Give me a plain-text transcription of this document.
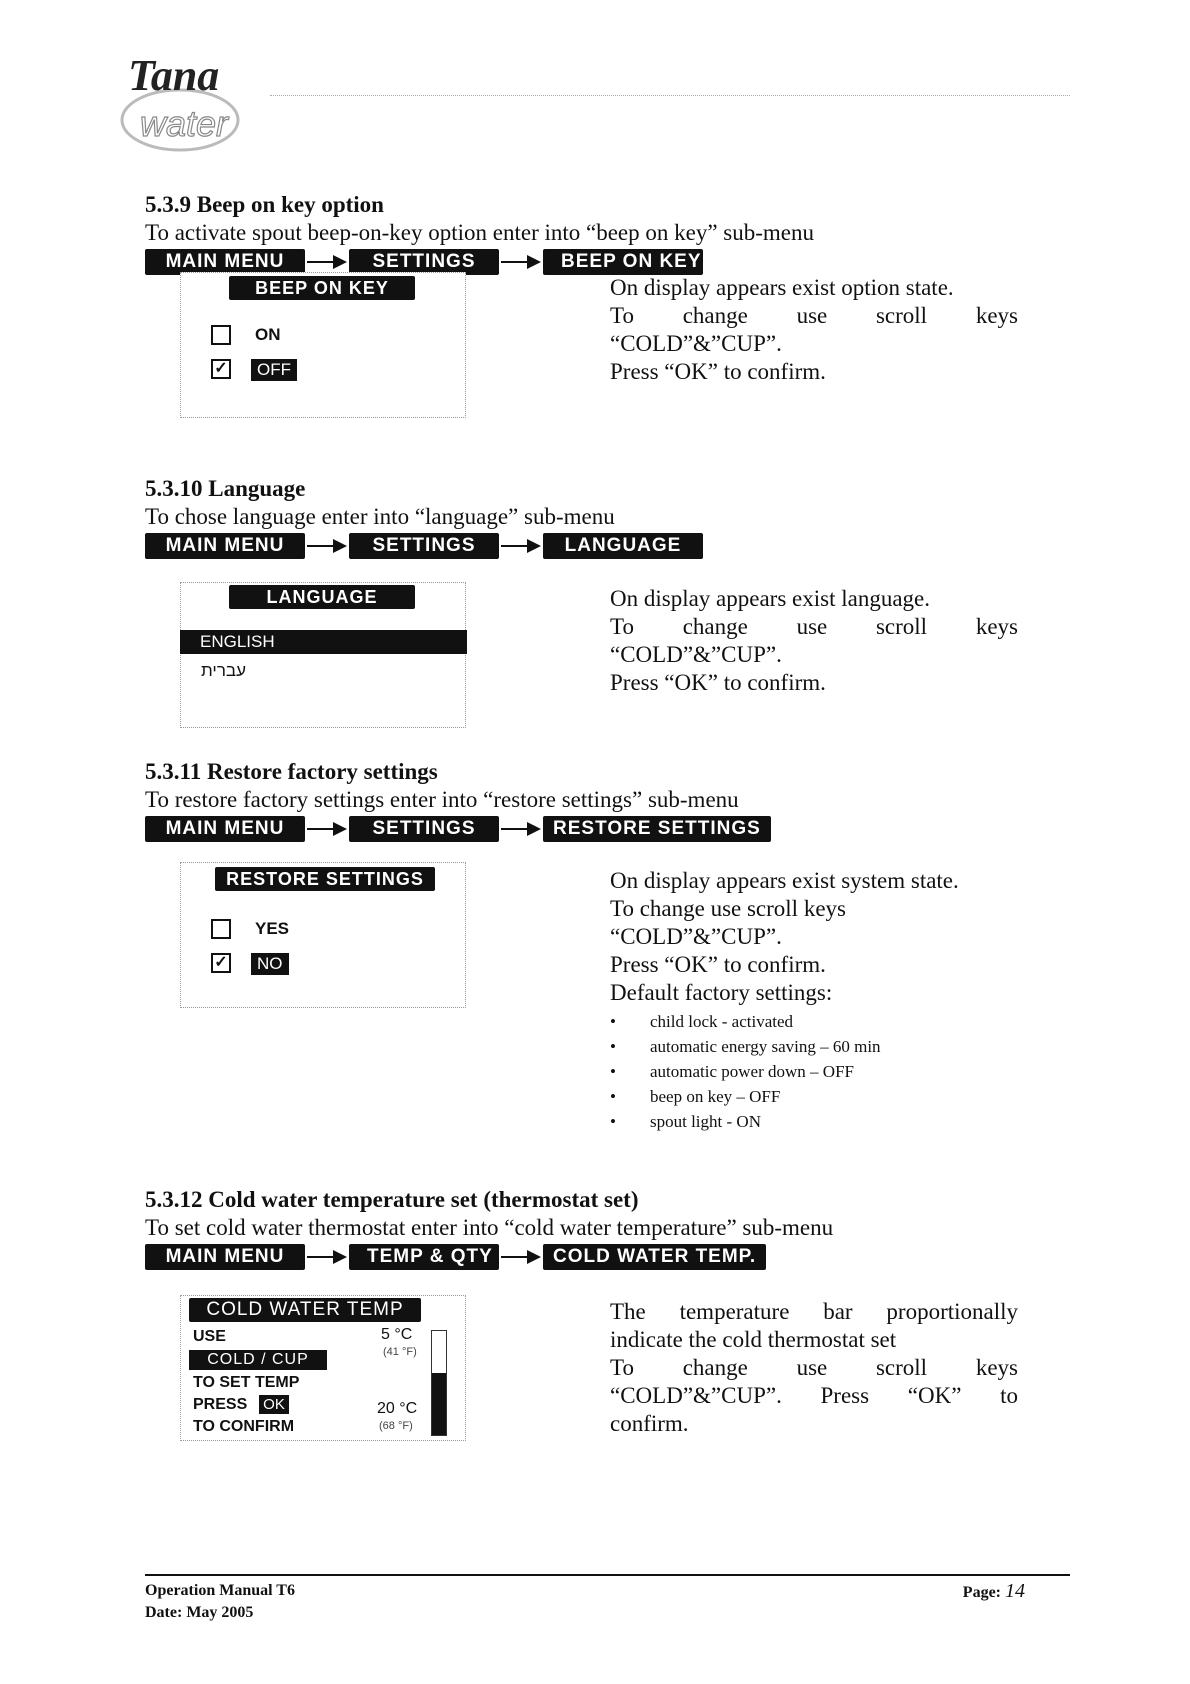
Tana
water
5.3.9 Beep on key option
To activate spout beep-on-key option enter into “beep on key” sub-menu
MAIN MENU	SETTINGS	BEEP ON KEY
BEEP ON KEY
ON
✓	OFF
On display appears exist option state.
To change use scroll keys
“COLD”&”CUP”.
Press “OK” to confirm.
5.3.10 Language
To chose language enter into “language” sub-menu
MAIN MENU	SETTINGS	LANGUAGE
LANGUAGE
ENGLISH
עברית
On display appears exist language.
To change use scroll keys
“COLD”&”CUP”.
Press “OK” to confirm.
5.3.11 Restore factory settings
To restore factory settings enter into “restore settings” sub-menu
MAIN MENU	SETTINGS	RESTORE SETTINGS
RESTORE SETTINGS
YES
✓	NO
On display appears exist system state.
To change use scroll keys
“COLD”&”CUP”.
Press “OK” to confirm.
Default factory settings:
• child lock - activated
• automatic energy saving – 60 min
• automatic power down – OFF
• beep on key – OFF
• spout light - ON
5.3.12 Cold water temperature set (thermostat set)
To set cold water thermostat enter into “cold water temperature” sub-menu
MAIN MENU	TEMP & QTY	COLD WATER TEMP.
COLD WATER TEMP
USE
COLD / CUP
TO SET TEMP
PRESS OK
TO CONFIRM
5 °C
(41 °F)
20 °C
(68 °F)
The temperature bar proportionally
indicate the cold thermostat set
To change use scroll keys
“COLD”&”CUP”. Press “OK” to
confirm.
Operation Manual T6
Date: May 2005
Page: 14
